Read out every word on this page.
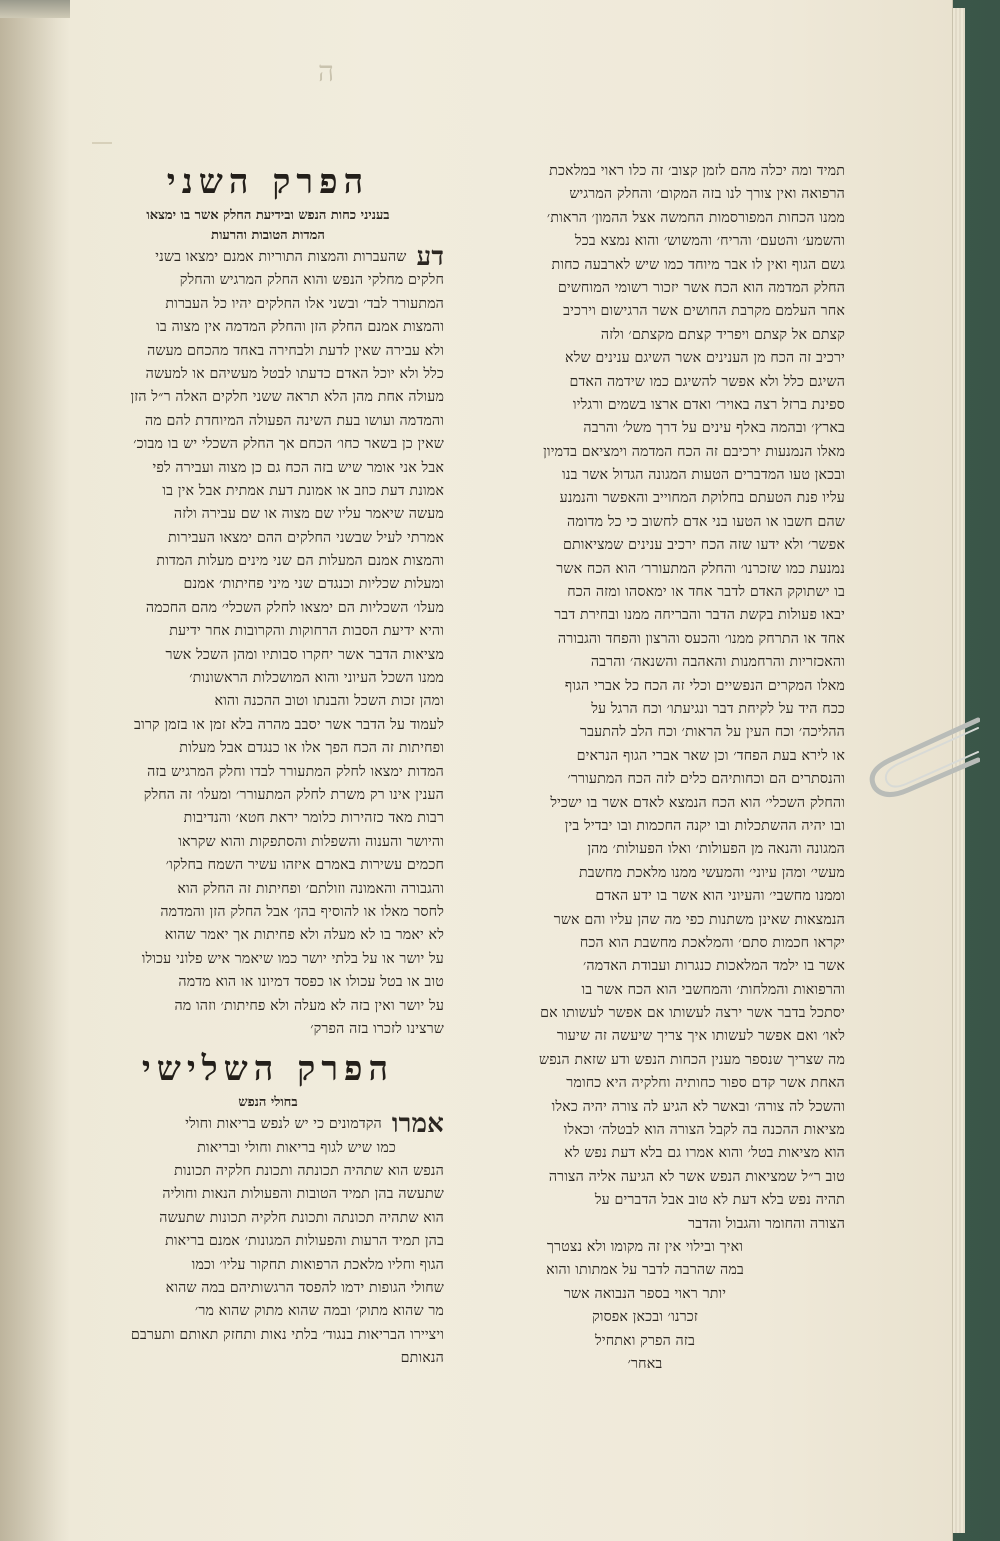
ה
תמיד ומה יכלה מהם לזמן קצוב׳ זה כלו ראוי במלאכת
הרפואה ואין צורך לנו בזה המקום׳ והחלק המרגיש
ממנו הכחות המפורסמות החמשה אצל ההמון׳ הראות׳
והשמע׳ והטעם׳ והריח׳ והמשוש׳ והוא נמצא בכל
גשם הגוף ואין לו אבר מיוחד כמו שיש לארבעה כחות
החלק המדמה הוא הכח אשר יזכור רשומי המוחשים
אחר העלמם מקרבת החושים אשר הרגישום וירכיב
קצתם אל קצתם ויפריד קצתם מקצתם׳ ולזה
ירכיב זה הכח מן הענינים אשר השיגם ענינים שלא
השיגם כלל ולא אפשר להשיגם כמו שידמה האדם
ספינת ברזל רצה באויר׳ ואדם ארצו בשמים ורגליו
בארץ׳ ובהמה באלף עינים על דרך משל׳ והרבה
מאלו הנמנעות ירכיבם זה הכח המדמה וימציאם בדמיון
ובכאן טעו המדברים הטעות המגונה הגדול אשר בנו
עליו פנת הטעתם בחלוקת המחוייב והאפשר והנמנע
שהם חשבו או הטעו בני אדם לחשוב כי כל מדומה
אפשר׳ ולא ידעו שזה הכח ירכיב ענינים שמציאותם
נמנעת כמו שזכרנו׳ והחלק המתעורר׳ הוא הכח אשר
בו ישתוקק האדם לדבר אחד או ימאסהו ומזה הכח
יבאו פעולות בקשת הדבר והבריחה ממנו ובחירת דבר
אחד או התרחק ממנו׳ והכעס והרצון והפחד והגבורה
והאכזריות והרחמנות והאהבה והשנאה׳ והרבה
מאלו המקרים הנפשיים וכלי זה הכח כל אברי הגוף
ככח היד על לקיחת דבר ונגיעתו׳ וכח הרגל על
ההליכה׳ וכח העין על הראות׳ וכח הלב להתעבר
או לירא בעת הפחד׳ וכן שאר אברי הגוף הנראים
והנסתרים הם וכחותיהם כלים לזה הכח המתעורר׳
והחלק השכלי׳ הוא הכח הנמצא לאדם אשר בו ישכיל
ובו יהיה ההשתכלות ובו יקנה החכמות ובו יבדיל בין
המגונה והנאה מן הפעולות׳ ואלו הפעולות׳ מהן
מעשי׳ ומהן עיוני׳ והמעשי ממנו מלאכת מחשבת
וממנו מחשבי׳ והעיוני הוא אשר בו ידע האדם
הנמצאות שאינן משתנות כפי מה שהן עליו והם אשר
יקראו חכמות סתם׳ והמלאכת מחשבת הוא הכח
אשר בו ילמד המלאכות כנגרות ועבודת האדמה׳
והרפואות והמלחות׳ והמחשבי הוא הכח אשר בו
יסתכל בדבר אשר ירצה לעשותו אם אפשר לעשותו אם
לאו׳ ואם אפשר לעשותו איך צריך שיעשה זה שיעור
מה שצריך שנספר מענין הכחות הנפש ודע שזאת הנפש
האחת אשר קדם ספור כחותיה וחלקיה היא כחומר
והשכל לה צורה׳ ובאשר לא הגיע לה צורה יהיה כאלו
מציאות ההכנה בה לקבל הצורה הוא לבטלה׳ וכאלו
הוא מציאות בטל׳ והוא אמרו גם בלא דעת נפש לא
טוב ר״ל שמציאות הנפש אשר לא הגיעה אליה הצורה
תהיה נפש בלא דעת לא טוב אבל הדברים על
הצורה והחומר והגבול והדבר
ואיך ובילוי אין זה מקומו ולא נצטרך
במה שהרבה לדבר על אמתותו והוא
יותר ראוי בספר הנבואה אשר
זכרנו׳ ובכאן אפסוק
בזה הפרק ואתחיל
באחר׳
הפרק השני
בעניני כחות הנפש ובידיעת החלק אשר בו ימצאו
המדות הטובות והרעות
דעשהעברות והמצות התוריות אמנם ימצאו בשני
חלקים מחלקי הנפש והוא החלק המרגיש והחלק
המתעורר לבד׳ ובשני אלו החלקים יהיו כל העברות
והמצות אמנם החלק הזן והחלק המדמה אין מצוה בו
ולא עבירה שאין לדעת ולבחירה באחד מהכחם מעשה
כלל ולא יוכל האדם כדעתו לבטל מעשיהם או למעשה
מעולה אחת מהן הלא תראה ששני חלקים האלה ר״ל הזן
והמדמה ועושו בעת השינה הפעולה המיוחדת להם מה
שאין כן בשאר כחו׳ הכחם אך החלק השכלי יש בו מבוכ׳
אבל אני אומר שיש בזה הכח גם כן מצוה ועבירה לפי
אמונת דעת כוזב או אמונת דעת אמתית אבל אין בו
מעשה שיאמר עליו שם מצוה או שם עבירה ולזה
אמרתי לעיל שבשני החלקים ההם ימצאו העבירות
והמצות אמנם המעלות הם שני מינים מעלות המדות
ומעלות שכליות וכנגדם שני מיני פחיתות׳ אמנם
מעלו׳ השכליות הם ימצאו לחלק השכלי׳ מהם החכמה
והיא ידיעת הסבות הרחוקות והקרובות אחר ידיעת
מציאות הדבר אשר יחקרו סבותיו ומהן השכל אשר
ממנו השכל העיוני והוא המושכלות הראשונות׳
ומהן זכות השכל והבנתו וטוב ההכנה והוא
לעמוד על הדבר אשר יסבב מהרה בלא זמן או בזמן קרוב
ופחיתות זה הכח הפך אלו או כנגדם אבל מעלות
המדות ימצאו לחלק המתעורר לבדו וחלק המרגיש בזה
הענין אינו רק משרת לחלק המתעורר׳ ומעלו׳ זה החלק
רבות מאד כזהירות כלומר יראת חטא׳ והנדיבות
והיושר והענוה והשפלות והסתפקות והוא שקראו
חכמים עשירות באמרם איזהו עשיר השמח בחלקו׳
והגבורה והאמונה וזולתם׳ ופחיתות זה החלק הוא
לחסר מאלו או להוסיף בהן׳ אבל החלק הזן והמדמה
לא יאמר בו לא מעלה ולא פחיתות אך יאמר שהוא
על יושר או על בלתי יושר כמו שיאמר איש פלוני עכולו
טוב או בטל עכולו או כפסד דמיונו או הוא מדמה
על יושר ואין בזה לא מעלה ולא פחיתות׳ וזהו מה
שרצינו לזכרו בזה הפרק׳
הפרק השלישי
בחולי הנפש
אמרוהקדמונים כי יש לנפש בריאות וחולי
כמו שיש לגוף בריאות וחולי ובריאות
הנפש הוא שתהיה תכונתה ותכונת חלקיה תכונות
שתעשה בהן תמיד הטובות והפעולות הנאות וחוליה
הוא שתהיה תכונתה ותכונת חלקיה תכונות שתעשה
בהן תמיד הרעות והפעולות המגונות׳ אמנם בריאות
הגוף וחליו מלאכת הרפואות תחקור עליו׳ וכמו
שחולי הגופות ידמו להפסד הרגשותיהם במה שהוא
מר שהוא מתוק׳ ובמה שהוא מתוק שהוא מר׳
ויציירו הבריאות בנגוד׳ בלתי נאות ותחזק תאותם ותערבם
הנאותם
